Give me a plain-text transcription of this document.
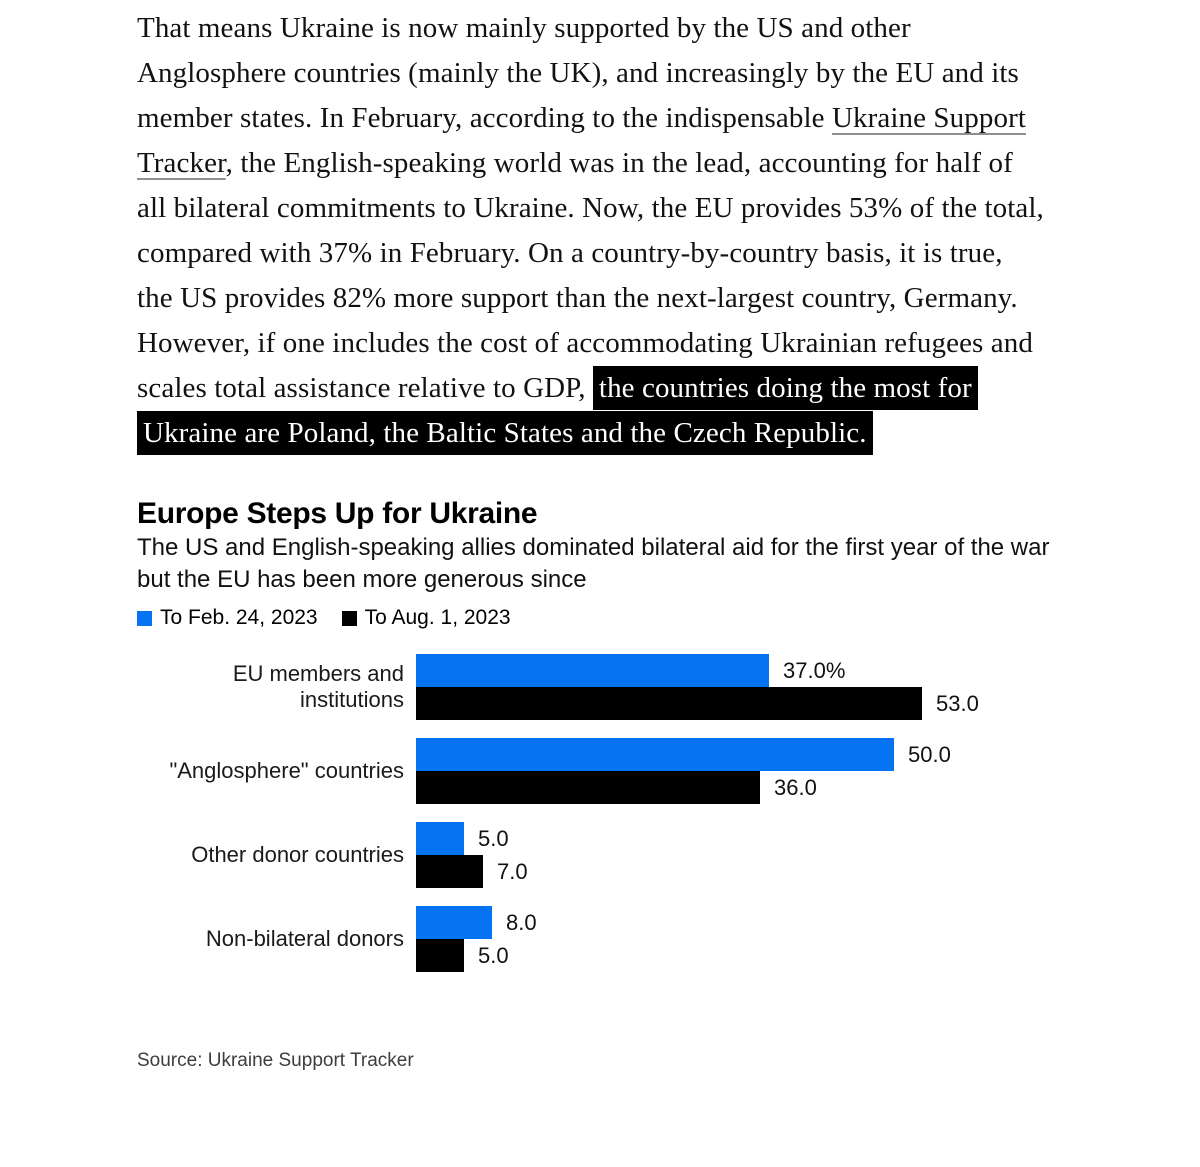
That means Ukraine is now mainly supported by the US and other Anglosphere countries (mainly the UK), and increasingly by the EU and its member states. In February, according to the indispensable Ukraine Support Tracker, the English-speaking world was in the lead, accounting for half of all bilateral commitments to Ukraine. Now, the EU provides 53% of the total, compared with 37% in February. On a country-by-country basis, it is true, the US provides 82% more support than the next-largest country, Germany. However, if one includes the cost of accommodating Ukrainian refugees and scales total assistance relative to GDP, the countries doing the most for Ukraine are Poland, the Baltic States and the Czech Republic.

Europe Steps Up for Ukraine
The US and English-speaking allies dominated bilateral aid for the first year of the war but the EU has been more generous since
To Feb. 24, 2023 To Aug. 1, 2023
EU members and institutions
37.0%
53.0
"Anglosphere" countries
50.0
36.0
Other donor countries
5.0
7.0
Non-bilateral donors
8.0
5.0
Source: Ukraine Support Tracker
